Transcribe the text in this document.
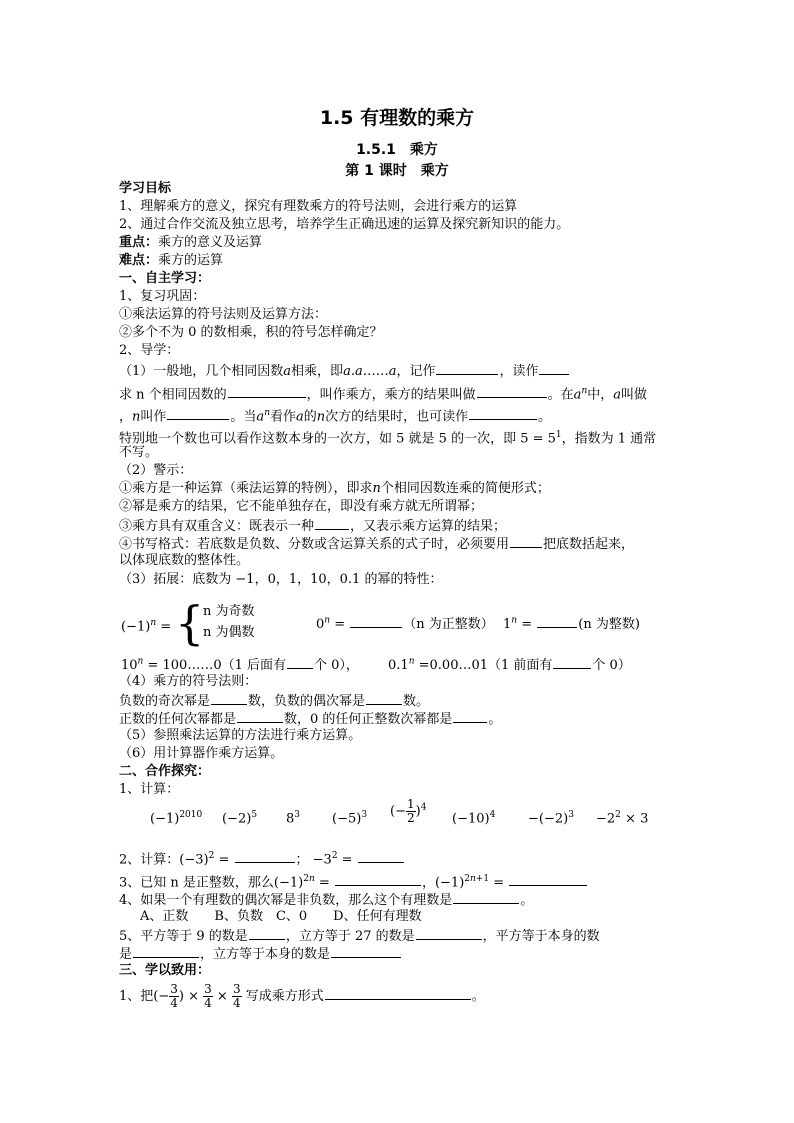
1.5 有理数的乘方
1.5.1　乘方
第 1 课时　乘方
学习目标
1、理解乘方的意义，探究有理数乘方的符号法则，会进行乘方的运算
2、通过合作交流及独立思考，培养学生正确迅速的运算及探究新知识的能力。
重点：乘方的意义及运算
难点：乘方的运算
一、自主学习：
1、复习巩固：
①乘法运算的符号法则及运算方法：
②多个不为 0 的数相乘，积的符号怎样确定？
2、导学：
（1）一般地，几个相同因数a相乘，即a.a……a，记作	，读作
求 n 个相同因数的	，叫作乘方，乘方的结果叫做	。在$a^n$中，a叫做
，n叫作	。当$a^n$看作a的n次方的结果时，也可读作	。
特别地一个数也可以看作这数本身的一次方，如 5 就是 5 的一次，即 $5 = 5^1$，指数为 1 通常
不写。
（2）警示：
①乘方是一种运算（乘法运算的特例），即求n个相同因数连乘的简便形式；
②幂是乘方的结果，它不能单独存在，即没有乘方就无所谓幂；
③乘方具有双重含义：既表示一种	，又表示乘方运算的结果；
④书写格式：若底数是负数、分数或含运算关系的式子时，必须要用	把底数括起来，
以体现底数的整体性。
（3）拓展：底数为 −1，0，1，10，0.1 的幂的特性：
$(-1)^n$ = {
n 为奇数
n 为偶数
$0^n$ =	（n 为正整数） $1^n$ =	(n 为整数)
$10^n$ = 100……0（1 后面有 个 0）， $0.1^n$ =0.00…01（1 前面有	个 0）
（4）乘方的符号法则：
负数的奇次幂是	数，负数的偶次幂是	数。
正数的任何次幂都是	数，0 的任何正整数次幂都是	。
（5）参照乘法运算的方法进行乘方运算。
（6）用计算器作乘方运算。
二、合作探究：
1、计算：
$(-1)^{2010}$ $(-2)^5$ $8^3$ $(-5)^3$ (− $\frac{1}{2} )^4$
$(-10)^4$	$-(-2)^3 -2^2 \times 3$
2、计算：$(-3)^2$ =	； $-3^2$ =
3、已知 n 是正整数，那么$(-1)^{2n}$ =	，$(-1)^{2n+1}$ =
4、如果一个有理数的偶次幂是非负数，那么这个有理数是	。
A、正数　　B、负数　C、0　　D、任何有理数
5、平方等于 9 的数是	，立方等于 27 的数是	，平方等于本身的数
是	，立方等于本身的数是
三、学以致用：
1、把(− $\frac{3}{4}$ ) × $\frac{3}{4} \times \frac{3}{4}$ 写成乘方形式	。
